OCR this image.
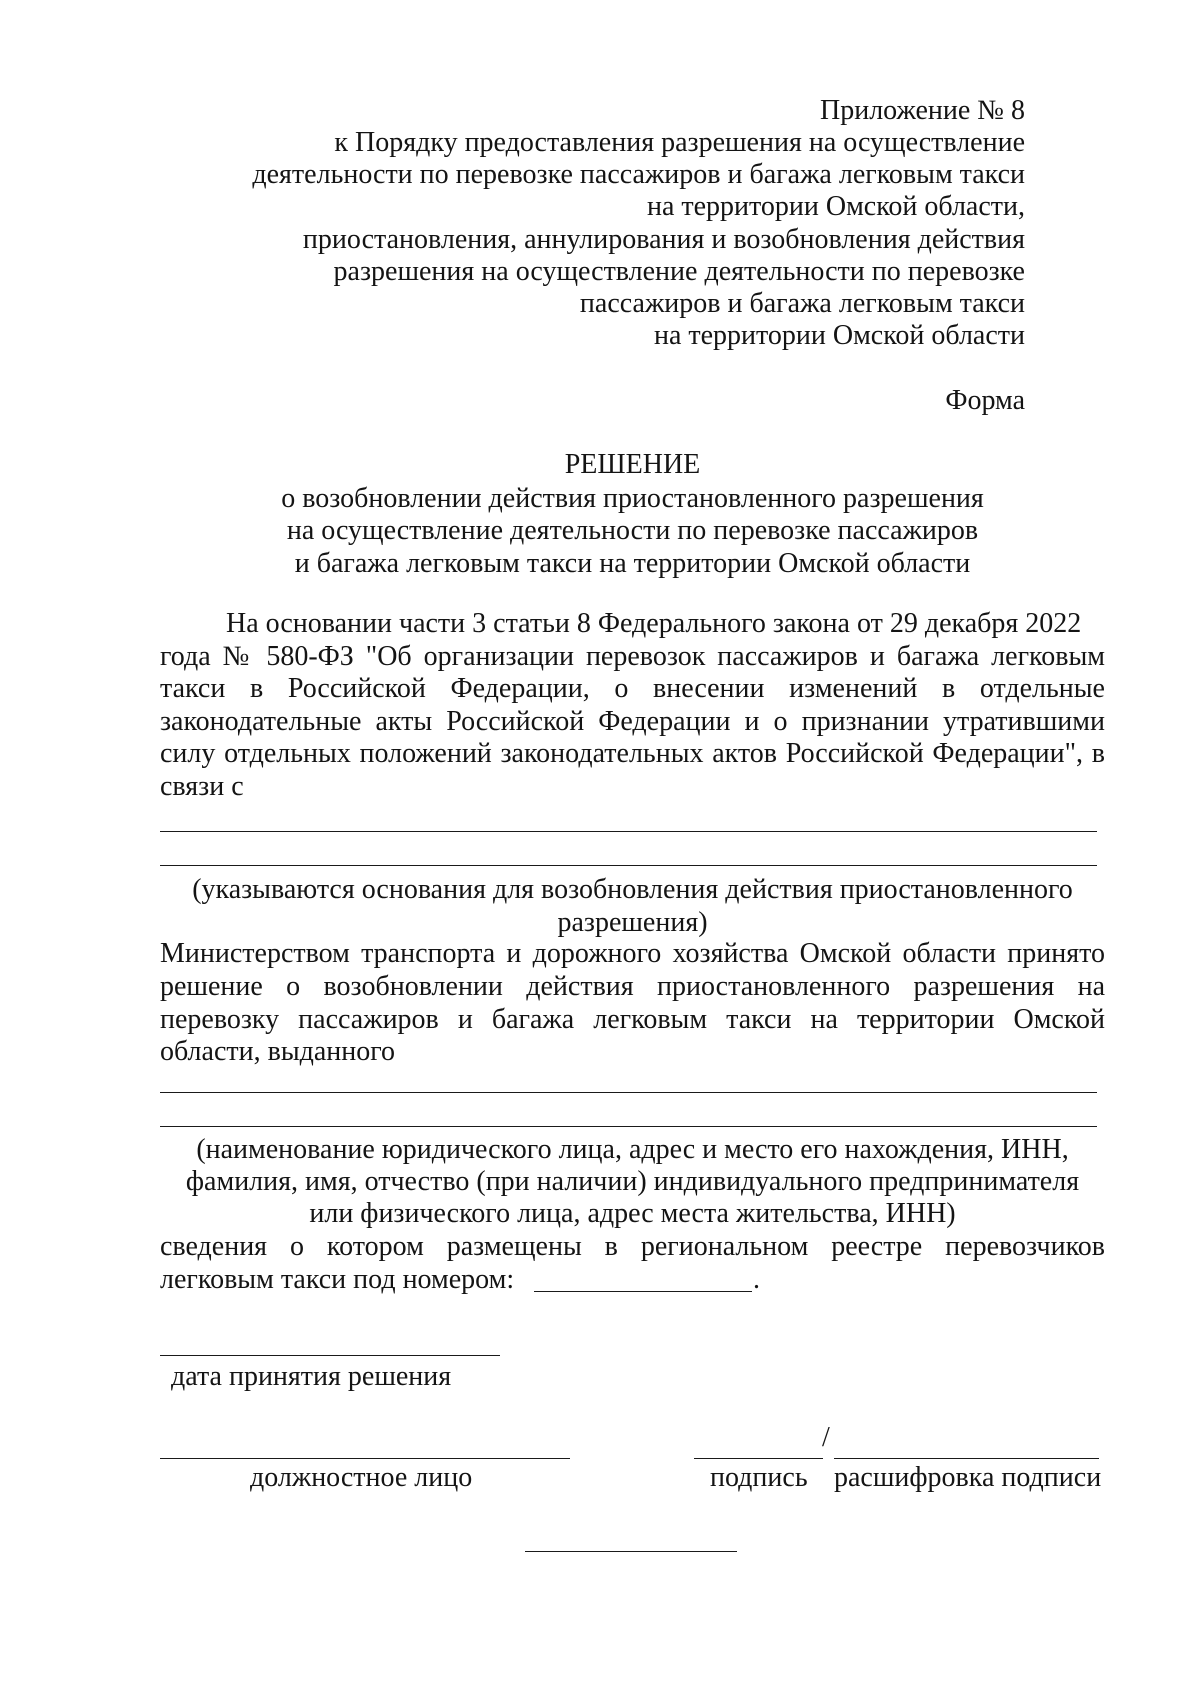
Приложение № 8
к Порядку предоставления разрешения на осуществление
деятельности по перевозке пассажиров и багажа легковым такси
на территории Омской области,
приостановления, аннулирования и возобновления действия
разрешения на осуществление деятельности по перевозке
пассажиров и багажа легковым такси
на территории Омской области
Форма
РЕШЕНИЕ
о возобновлении действия приостановленного разрешения
на осуществление деятельности по перевозке пассажиров
и багажа легковым такси на территории Омской области
На основании части 3 статьи 8 Федерального закона от 29 декабря 2022
года № 580-ФЗ "Об организации перевозок пассажиров и багажа легковым
такси в Российской Федерации, о внесении изменений в отдельные
законодательные акты Российской Федерации и о признании утратившими
силу отдельных положений законодательных актов Российской Федерации", в
связи с
(указываются основания для возобновления действия приостановленного
разрешения)
Министерством транспорта и дорожного хозяйства Омской области принято
решение о возобновлении действия приостановленного разрешения на
перевозку пассажиров и багажа легковым такси на территории Омской
области, выданного
(наименование юридического лица, адрес и место его нахождения, ИНН,
фамилия, имя, отчество (при наличии) индивидуального предпринимателя
или физического лица, адрес места жительства, ИНН)
сведения о котором размещены в региональном реестре перевозчиков
легковым такси под номером:	.
дата принятия решения
должностное лицо
/
подпись расшифровка подписи
